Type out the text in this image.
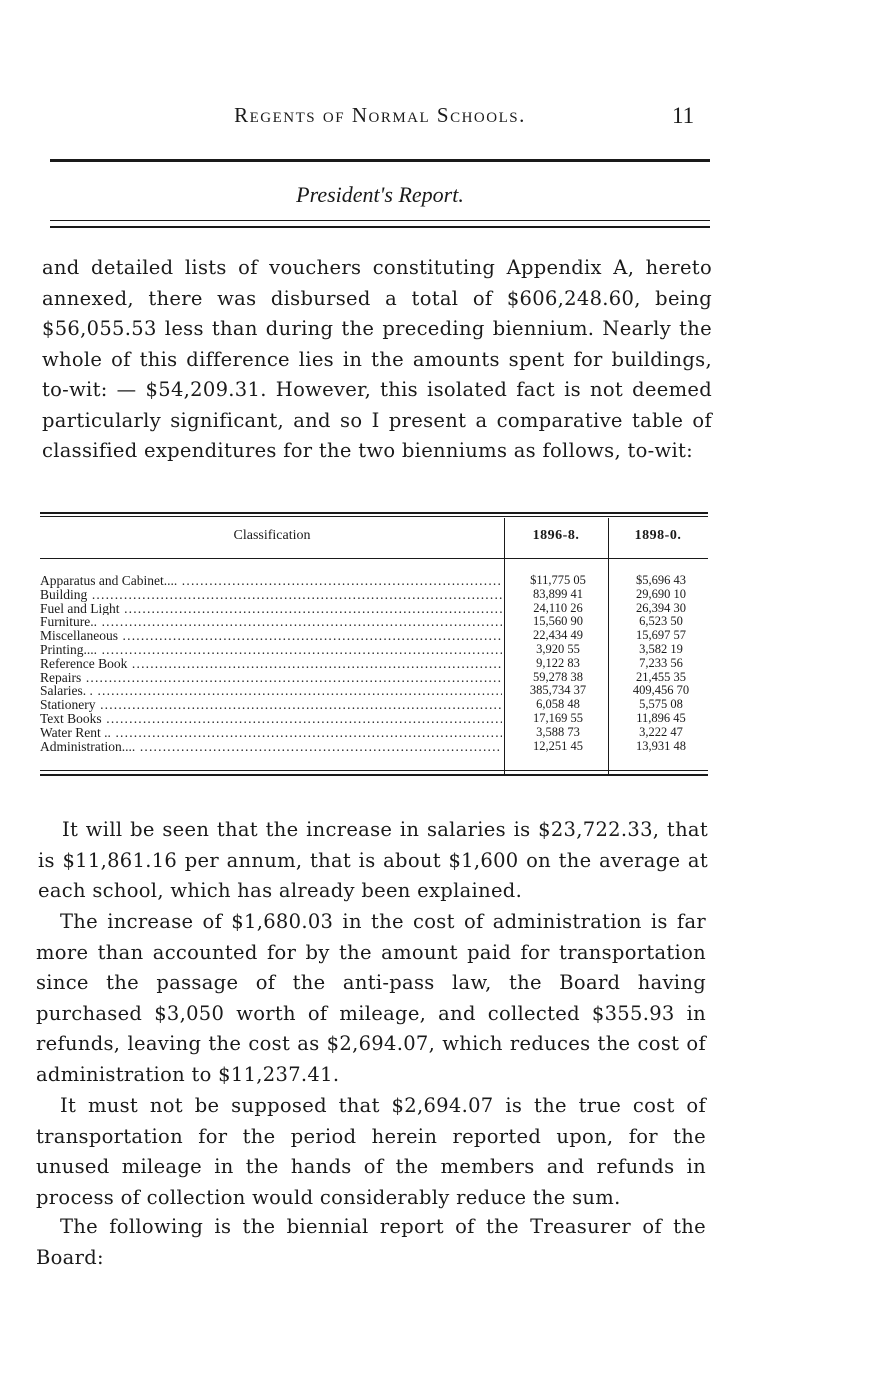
Regents of Normal Schools.	11
President's Report.
and detailed lists of vouchers constituting Appendix A, hereto annexed, there was disbursed a total of $606,248.60, being $56,055.53 less than during the preceding biennium. Nearly the whole of this difference lies in the amounts spent for buildings, to-wit: — $54,209.31. However, this isolated fact is not deemed particularly significant, and so I present a comparative table of classified expenditures for the two bienniums as follows, to-wit:
Classification	1896-8.	1898-0.
Apparatus and Cabinet.... .....	$11,775 05	$5,696 43
Building .....	83,899 41	29,690 10
Fuel and Light .....	24,110 26	26,394 30
Furniture.. .....	15,560 90	6,523 50
Miscellaneous .....	22,434 49	15,697 57
Printing.... .....	3,920 55	3,582 19
Reference Book .....	9,122 83	7,233 56
Repairs .....	59,278 38	21,455 35
Salaries. . .....	385,734 37	409,456 70
Stationery .....	6,058 48	5,575 08
Text Books .....	17,169 55	11,896 45
Water Rent .. .....	3,588 73	3,222 47
Administration.... .....	12,251 45	13,931 48
It will be seen that the increase in salaries is $23,722.33, that is $11,861.16 per annum, that is about $1,600 on the average at each school, which has already been explained.
The increase of $1,680.03 in the cost of administration is far more than accounted for by the amount paid for transportation since the passage of the anti-pass law, the Board having purchased $3,050 worth of mileage, and collected $355.93 in refunds, leaving the cost as $2,694.07, which reduces the cost of administration to $11,237.41.
It must not be supposed that $2,694.07 is the true cost of transportation for the period herein reported upon, for the unused mileage in the hands of the members and refunds in process of collection would considerably reduce the sum.
The following is the biennial report of the Treasurer of the Board:
